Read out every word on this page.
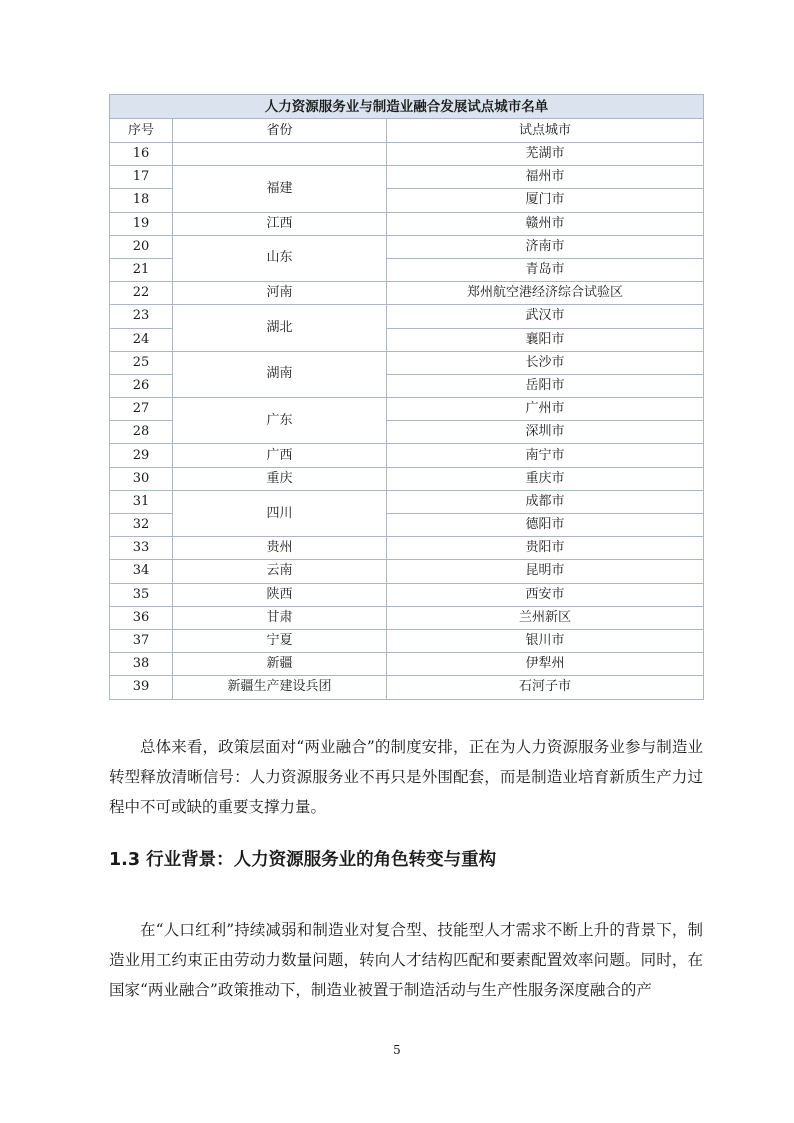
人力资源服务业与制造业融合发展试点城市名单		
序号	省份	试点城市
16		芜湖市
17	福建	福州市
18		厦门市
19	江西	赣州市
20	山东	济南市
21		青岛市
22	河南	郑州航空港经济综合试验区
23	湖北	武汉市
24		襄阳市
25	湖南	长沙市
26		岳阳市
27	广东	广州市
28		深圳市
29	广西	南宁市
30	重庆	重庆市
31	四川	成都市
32		德阳市
33	贵州	贵阳市
34	云南	昆明市
35	陕西	西安市
36	甘肃	兰州新区
37	宁夏	银川市
38	新疆	伊犁州
39	新疆生产建设兵团	石河子市

总体来看，政策层面对“两业融合”的制度安排，正在为人力资源服务业参与制造业转型释放清晰信号：人力资源服务业不再只是外围配套，而是制造业培育新质生产力过程中不可或缺的重要支撑力量。

1.3 行业背景：人力资源服务业的角色转变与重构

在“人口红利”持续减弱和制造业对复合型、技能型人才需求不断上升的背景下，制造业用工约束正由劳动力数量问题，转向人才结构匹配和要素配置效率问题。同时，在国家“两业融合”政策推动下，制造业被置于制造活动与生产性服务深度融合的产

5
